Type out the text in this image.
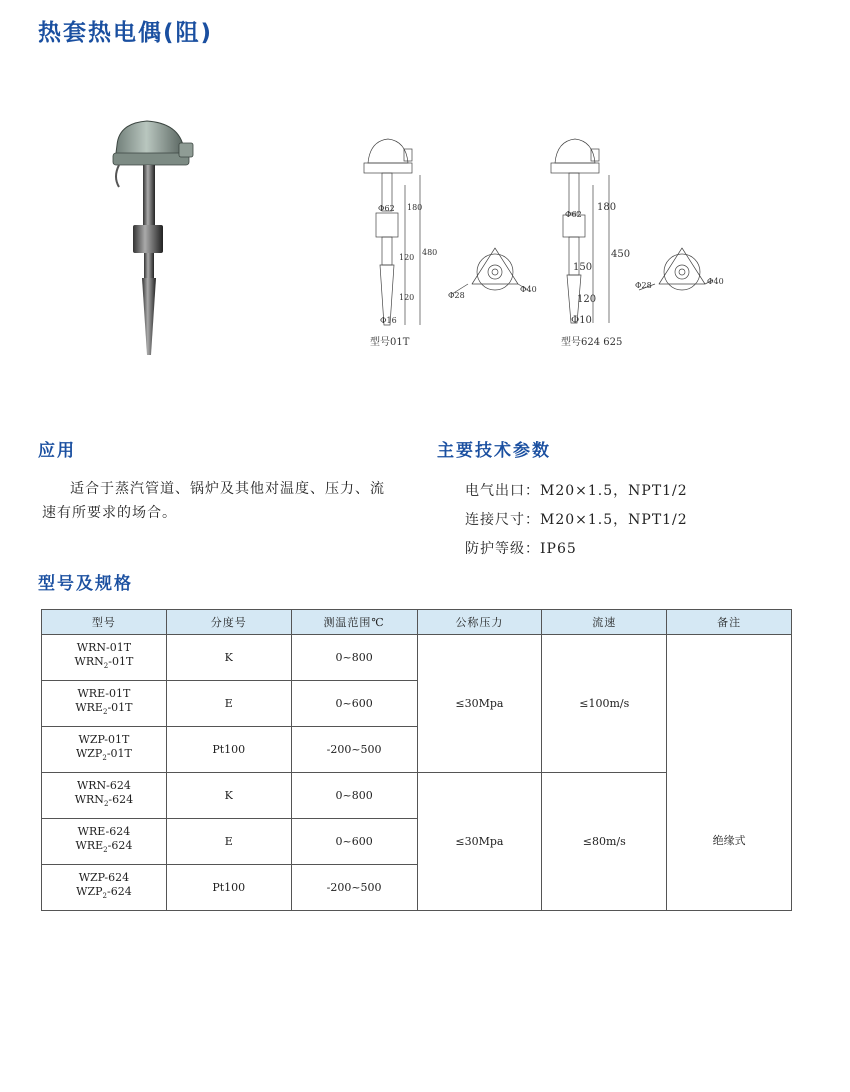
热套热电偶(阻)
Φ62 180
120
120
480
Φ16
型号01T
Φ28
Φ40
Φ62
180
150
120
450
Φ10
型号624 625
Φ28	Φ40
应用
适合于蒸汽管道、锅炉及其他对温度、压力、流速有所要求的场合。
主要技术参数
电气出口：M20×1.5，NPT1/2
连接尺寸：M20×1.5，NPT1/2
防护等级：IP65
型号及规格
型号	分度号	测温范围℃	公称压力	流速	备注

WRN-01T
$WRN_2-01T$	K	0~800	≤30Mpa	≤100m/s	绝缘式

WRE-01T
$WRE_2-01T$	E	0~600			

WZP-01T
$WZP_2-01T$	Pt100	-200~500			

WRN-624
$WRN_2-624$	K	0~800	≤30Mpa	≤80m/s	

WRE-624
$WRE_2-624$	E	0~600			

WZP-624
$WZP_2-624$	Pt100	-200~500			
